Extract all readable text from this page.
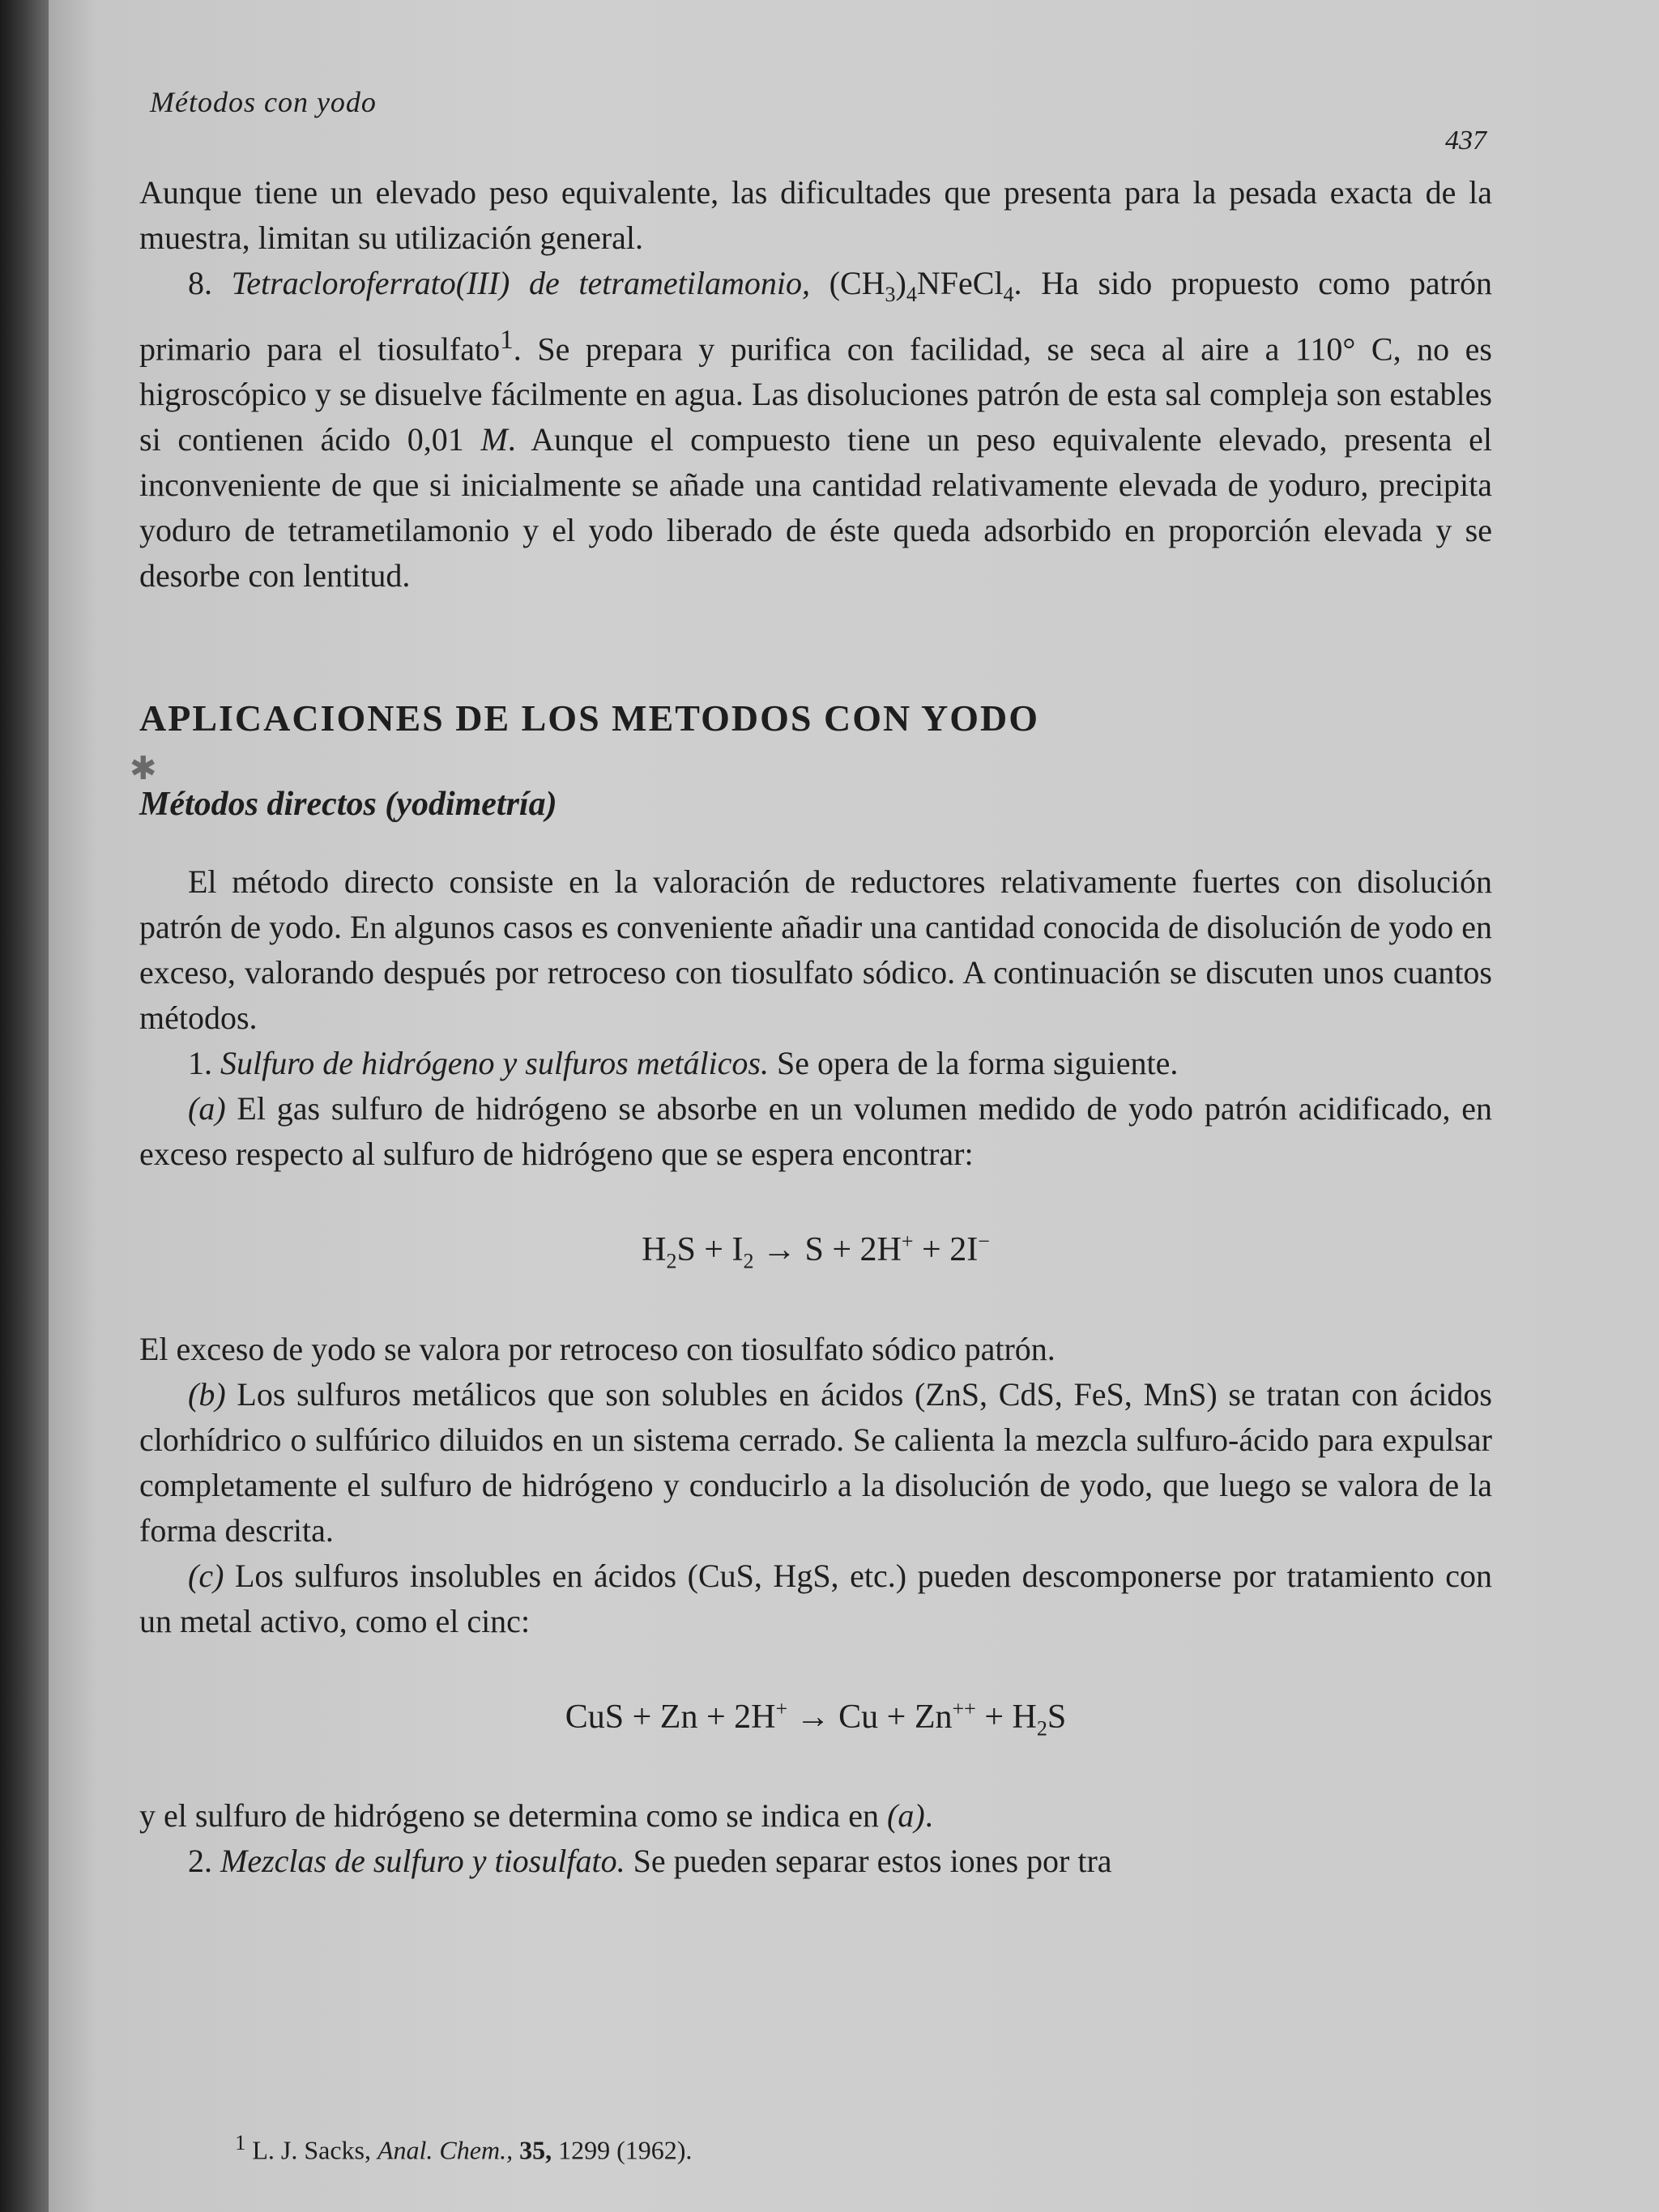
Métodos con yodo
437

Aunque tiene un elevado peso equivalente, las dificultades que presenta para la pesada exacta de la muestra, limitan su utilización general.

8. Tetracloroferrato(III) de tetrametilamonio, $(CH_3)_4NFeCl_4$. Ha sido propuesto como patrón primario para el tiosulfato$^1$. Se prepara y purifica con facilidad, se seca al aire a 110° C, no es higroscópico y se disuelve fácilmente en agua. Las disoluciones patrón de esta sal compleja son estables si contienen ácido 0,01 M. Aunque el compuesto tiene un peso equivalente elevado, presenta el inconveniente de que si inicialmente se añade una cantidad relativamente elevada de yoduro, precipita yoduro de tetrametilamonio y el yodo liberado de éste queda adsorbido en proporción elevada y se desorbe con lentitud.

APLICACIONES DE LOS METODOS CON YODO
Métodos directos (yodimetría)

El método directo consiste en la valoración de reductores relativamente fuertes con disolución patrón de yodo. En algunos casos es conveniente añadir una cantidad conocida de disolución de yodo en exceso, valorando después por retroceso con tiosulfato sódico. A continuación se discuten unos cuantos métodos.

1. Sulfuro de hidrógeno y sulfuros metálicos. Se opera de la forma siguiente.

(a) El gas sulfuro de hidrógeno se absorbe en un volumen medido de yodo patrón acidificado, en exceso respecto al sulfuro de hidrógeno que se espera encontrar:

$H_2S + I_2 \to S + 2H^+ + 2I^-$

El exceso de yodo se valora por retroceso con tiosulfato sódico patrón.

(b) Los sulfuros metálicos que son solubles en ácidos (ZnS, CdS, FeS, MnS) se tratan con ácidos clorhídrico o sulfúrico diluidos en un sistema cerrado. Se calienta la mezcla sulfuro-ácido para expulsar completamente el sulfuro de hidrógeno y conducirlo a la disolución de yodo, que luego se valora de la forma descrita.

(c) Los sulfuros insolubles en ácidos (CuS, HgS, etc.) pueden descomponerse por tratamiento con un metal activo, como el cinc:

CuS + $Zn + 2H^+ \to Cu + Zn^{++} + H_2S$

y el sulfuro de hidrógeno se determina como se indica en (a).

2. Mezclas de sulfuro y tiosulfato. Se pueden separar estos iones por tra

$^1$ L. J. Sacks, Anal. Chem., 35, 1299 (1962).
✱
